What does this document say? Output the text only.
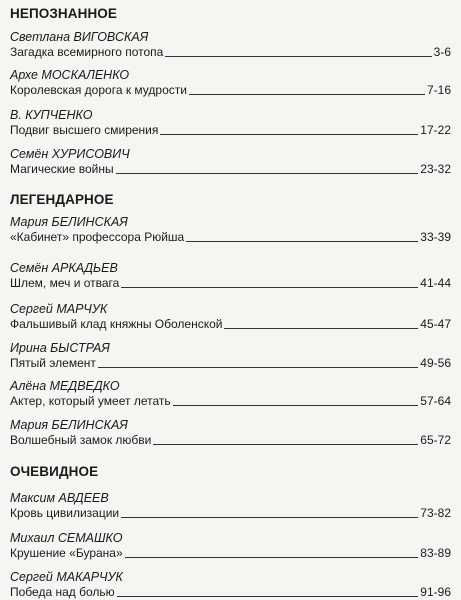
НЕПОЗНАННОЕ
Светлана ВИГОВСКАЯ
Загадка всемирного потопа	3-6
Архе МОСКАЛЕНКО
Королевская дорога к мудрости	7-16
В. КУПЧЕНКО
Подвиг высшего смирения	17-22
Семён ХУРИСОВИЧ
Магические войны	23-32
ЛЕГЕНДАРНОЕ
Мария БЕЛИНСКАЯ
«Кабинет» профессора Рюйша	33-39
Семён АРКАДЬЕВ
Шлем, меч и отвага	41-44
Сергей МАРЧУК
Фальшивый клад княжны Оболенской	45-47
Ирина БЫСТРАЯ
Пятый элемент	49-56
Алёна МЕДВЕДКО
Актер, который умеет летать	57-64
Мария БЕЛИНСКАЯ
Волшебный замок любви	65-72
ОЧЕВИДНОЕ
Максим АВДЕЕВ
Кровь цивилизации	73-82
Михаил СЕМАШКО
Крушение «Бурана»	83-89
Сергей МАКАРЧУК
Победа над болью	91-96
